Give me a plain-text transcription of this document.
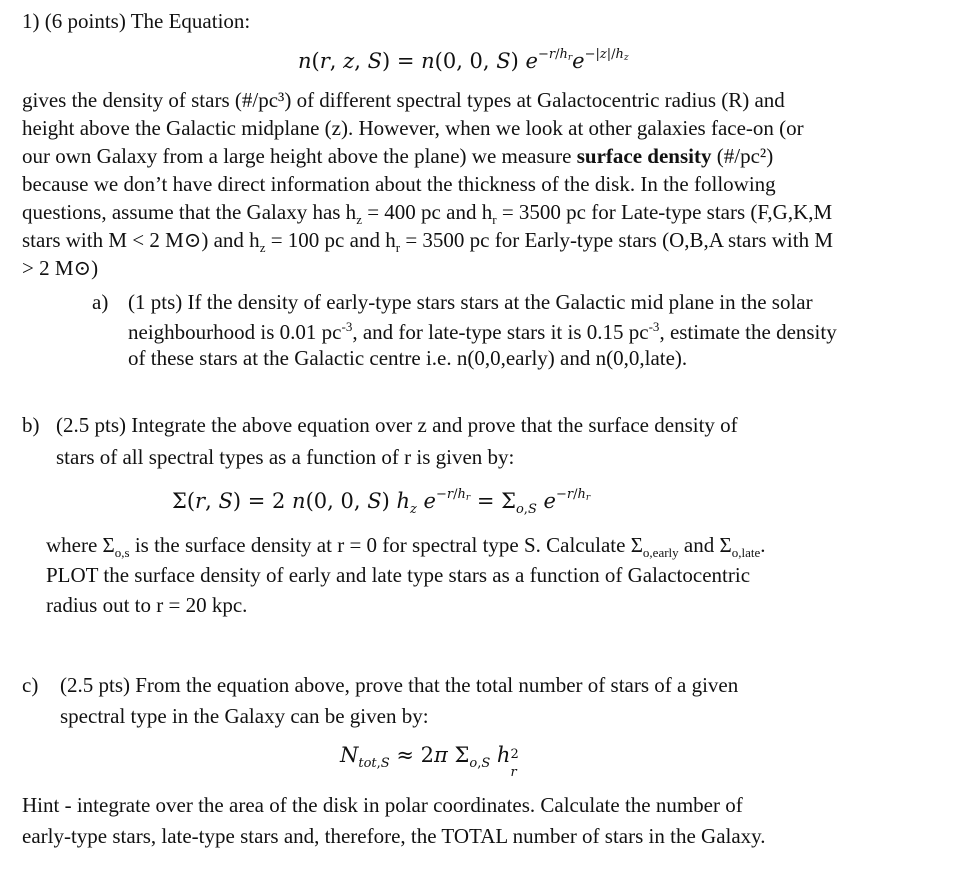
1) (6 points) The Equation:
n(r, z, S) = n(0, 0, S) $e^{-r/hr}e^{-|z|/hz}$
gives the density of stars (#/pc³) of different spectral types at Galactocentric radius (R) and
height above the Galactic midplane (z). However, when we look at other galaxies face-on (or
our own Galaxy from a large height above the plane) we measure surface density (#/pc²)
because we don’t have direct information about the thickness of the disk. In the following
questions, assume that the Galaxy has $h_z = 400$ pc and $h_r = 3500$ pc for Late-type stars (F,G,K,M
stars with M < 2 M⊙) and $h_z = 100$ pc and $h_r = 3500$ pc for Early-type stars (O,B,A stars with M
> 2 M⊙)
a) (1 pts) If the density of early-type stars stars at the Galactic mid plane in the solar
neighbourhood is 0.01 $pc^{-3}$, and for late-type stars it is 0.15 $pc^{-3}$, estimate the density
of these stars at the Galactic centre i.e. n(0,0,early) and n(0,0,late).
b) (2.5 pts) Integrate the above equation over z and prove that the surface density of
stars of all spectral types as a function of r is given by:
Σ(r, S) = 2 n(0, 0, S) $h_z$ $e^{-r/hr} = \Sigma_{o,S}$ $e^{-r/hr}$
where $\Sigma_{o,s}$ is the surface density at r = 0 for spectral type S. Calculate $\Sigma_{o,early}$ and $\Sigma_{o,late}$.
PLOT the surface density of early and late type stars as a function of Galactocentric
radius out to r = 20 kpc.
c) (2.5 pts) From the equation above, prove that the total number of stars of a given
spectral type in the Galaxy can be given by:
$N_{tot,S} \approx 2\pi$ $\Sigma_{o,S}$ h 2
r
Hint - integrate over the area of the disk in polar coordinates. Calculate the number of
early-type stars, late-type stars and, therefore, the TOTAL number of stars in the Galaxy.
